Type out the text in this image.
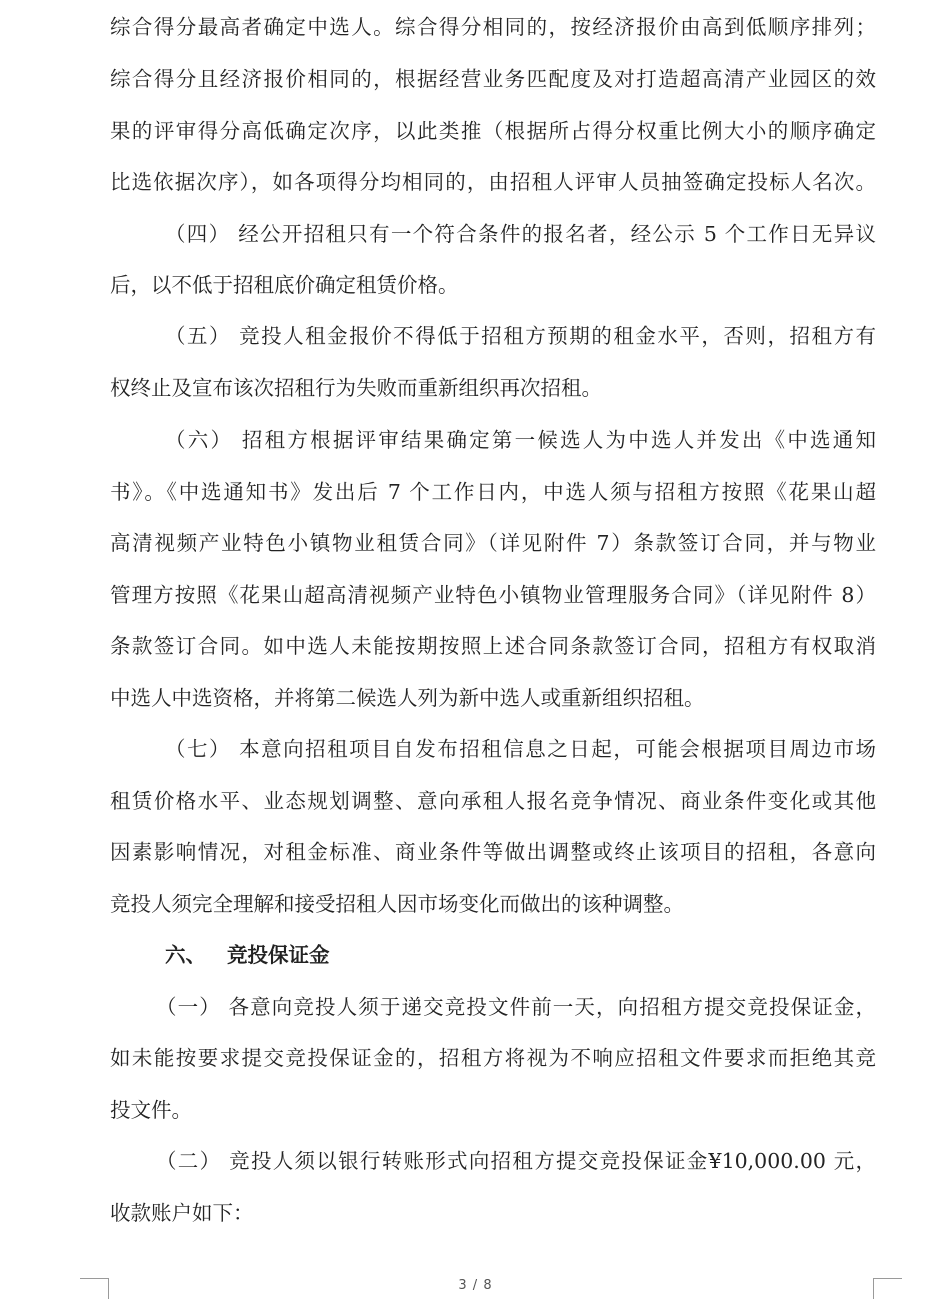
综合得分最高者确定中选人。综合得分相同的，按经济报价由高到低顺序排列；
综合得分且经济报价相同的，根据经营业务匹配度及对打造超高清产业园区的效
果的评审得分高低确定次序，以此类推（根据所占得分权重比例大小的顺序确定
比选依据次序），如各项得分均相同的，由招租人评审人员抽签确定投标人名次。
（四） 经公开招租只有一个符合条件的报名者，经公示 5 个工作日无异议
后，以不低于招租底价确定租赁价格。
（五） 竞投人租金报价不得低于招租方预期的租金水平，否则，招租方有
权终止及宣布该次招租行为失败而重新组织再次招租。
（六） 招租方根据评审结果确定第一候选人为中选人并发出《中选通知
书》。《中选通知书》发出后 7 个工作日内，中选人须与招租方按照《花果山超
高清视频产业特色小镇物业租赁合同》（详见附件 7）条款签订合同，并与物业
管理方按照《花果山超高清视频产业特色小镇物业管理服务合同》（详见附件 8）
条款签订合同。如中选人未能按期按照上述合同条款签订合同，招租方有权取消
中选人中选资格，并将第二候选人列为新中选人或重新组织招租。
（七） 本意向招租项目自发布招租信息之日起，可能会根据项目周边市场
租赁价格水平、业态规划调整、意向承租人报名竞争情况、商业条件变化或其他
因素影响情况，对租金标准、商业条件等做出调整或终止该项目的招租，各意向
竞投人须完全理解和接受招租人因市场变化而做出的该种调整。
六、 竞投保证金
（一） 各意向竞投人须于递交竞投文件前一天，向招租方提交竞投保证金，
如未能按要求提交竞投保证金的，招租方将视为不响应招租文件要求而拒绝其竞
投文件。
（二） 竞投人须以银行转账形式向招租方提交竞投保证金¥10,000.00 元，
收款账户如下：
3 / 8
